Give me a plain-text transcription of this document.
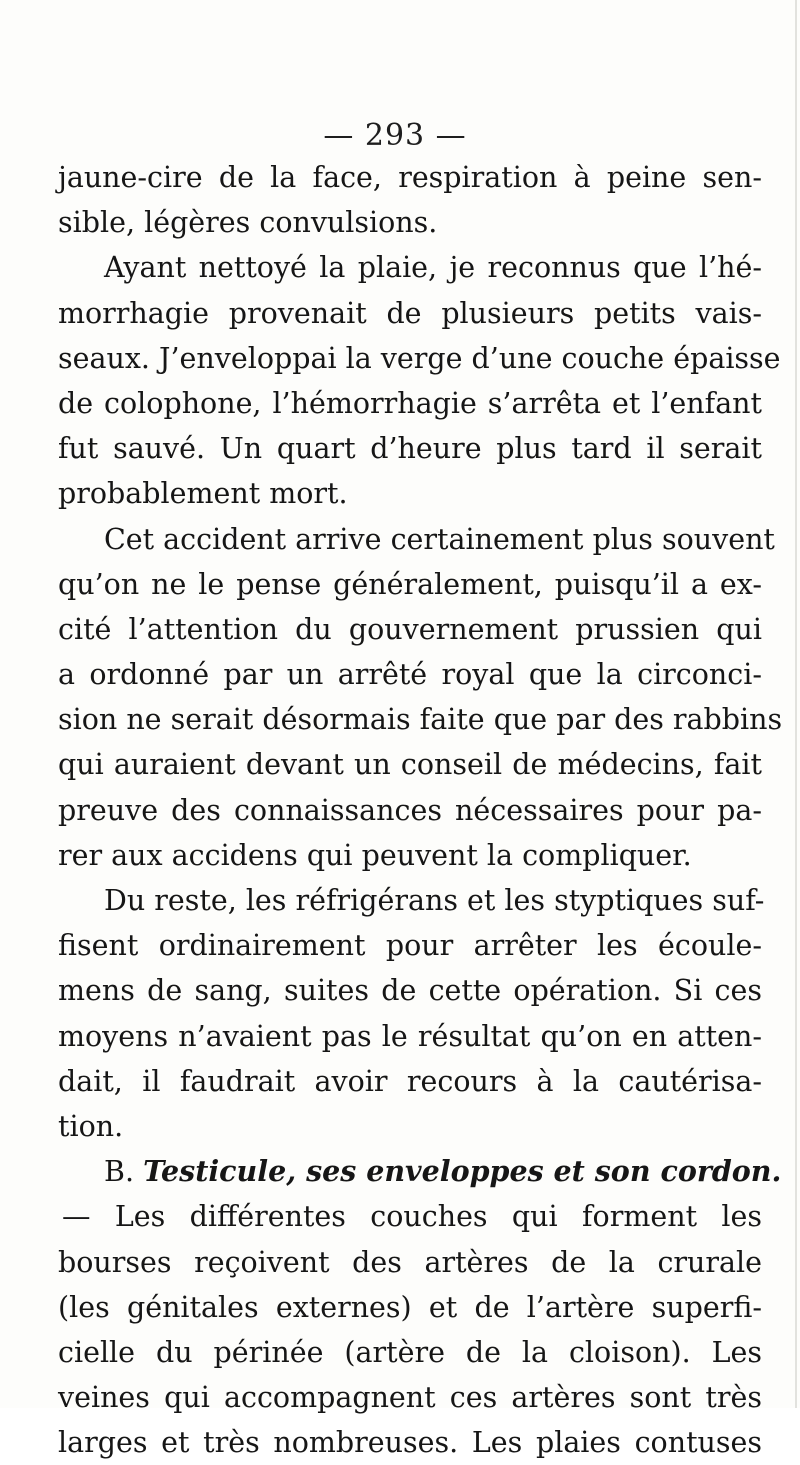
— 293 —
jaune-cire de la face, respiration à peine sen-
sible, légères convulsions.
Ayant nettoyé la plaie, je reconnus que l’hé-
morrhagie provenait de plusieurs petits vais-
seaux. J’enveloppai la verge d’une couche épaisse
de colophone, l’hémorrhagie s’arrêta et l’enfant
fut sauvé. Un quart d’heure plus tard il serait
probablement mort.
Cet accident arrive certainement plus souvent
qu’on ne le pense généralement, puisqu’il a ex-
cité l’attention du gouvernement prussien qui
a ordonné par un arrêté royal que la circonci-
sion ne serait désormais faite que par des rabbins
qui auraient devant un conseil de médecins, fait
preuve des connaissances nécessaires pour pa-
rer aux accidens qui peuvent la compliquer.
Du reste, les réfrigérans et les styptiques suf-
fisent ordinairement pour arrêter les écoule-
mens de sang, suites de cette opération. Si ces
moyens n’avaient pas le résultat qu’on en atten-
dait, il faudrait avoir recours à la cautérisa-
tion.
B. Testicule, ses enveloppes et son cordon.
— Les différentes couches qui forment les
bourses reçoivent des artères de la crurale
(les génitales externes) et de l’artère superfi-
cielle du périnée (artère de la cloison). Les
veines qui accompagnent ces artères sont très
larges et très nombreuses. Les plaies contuses
